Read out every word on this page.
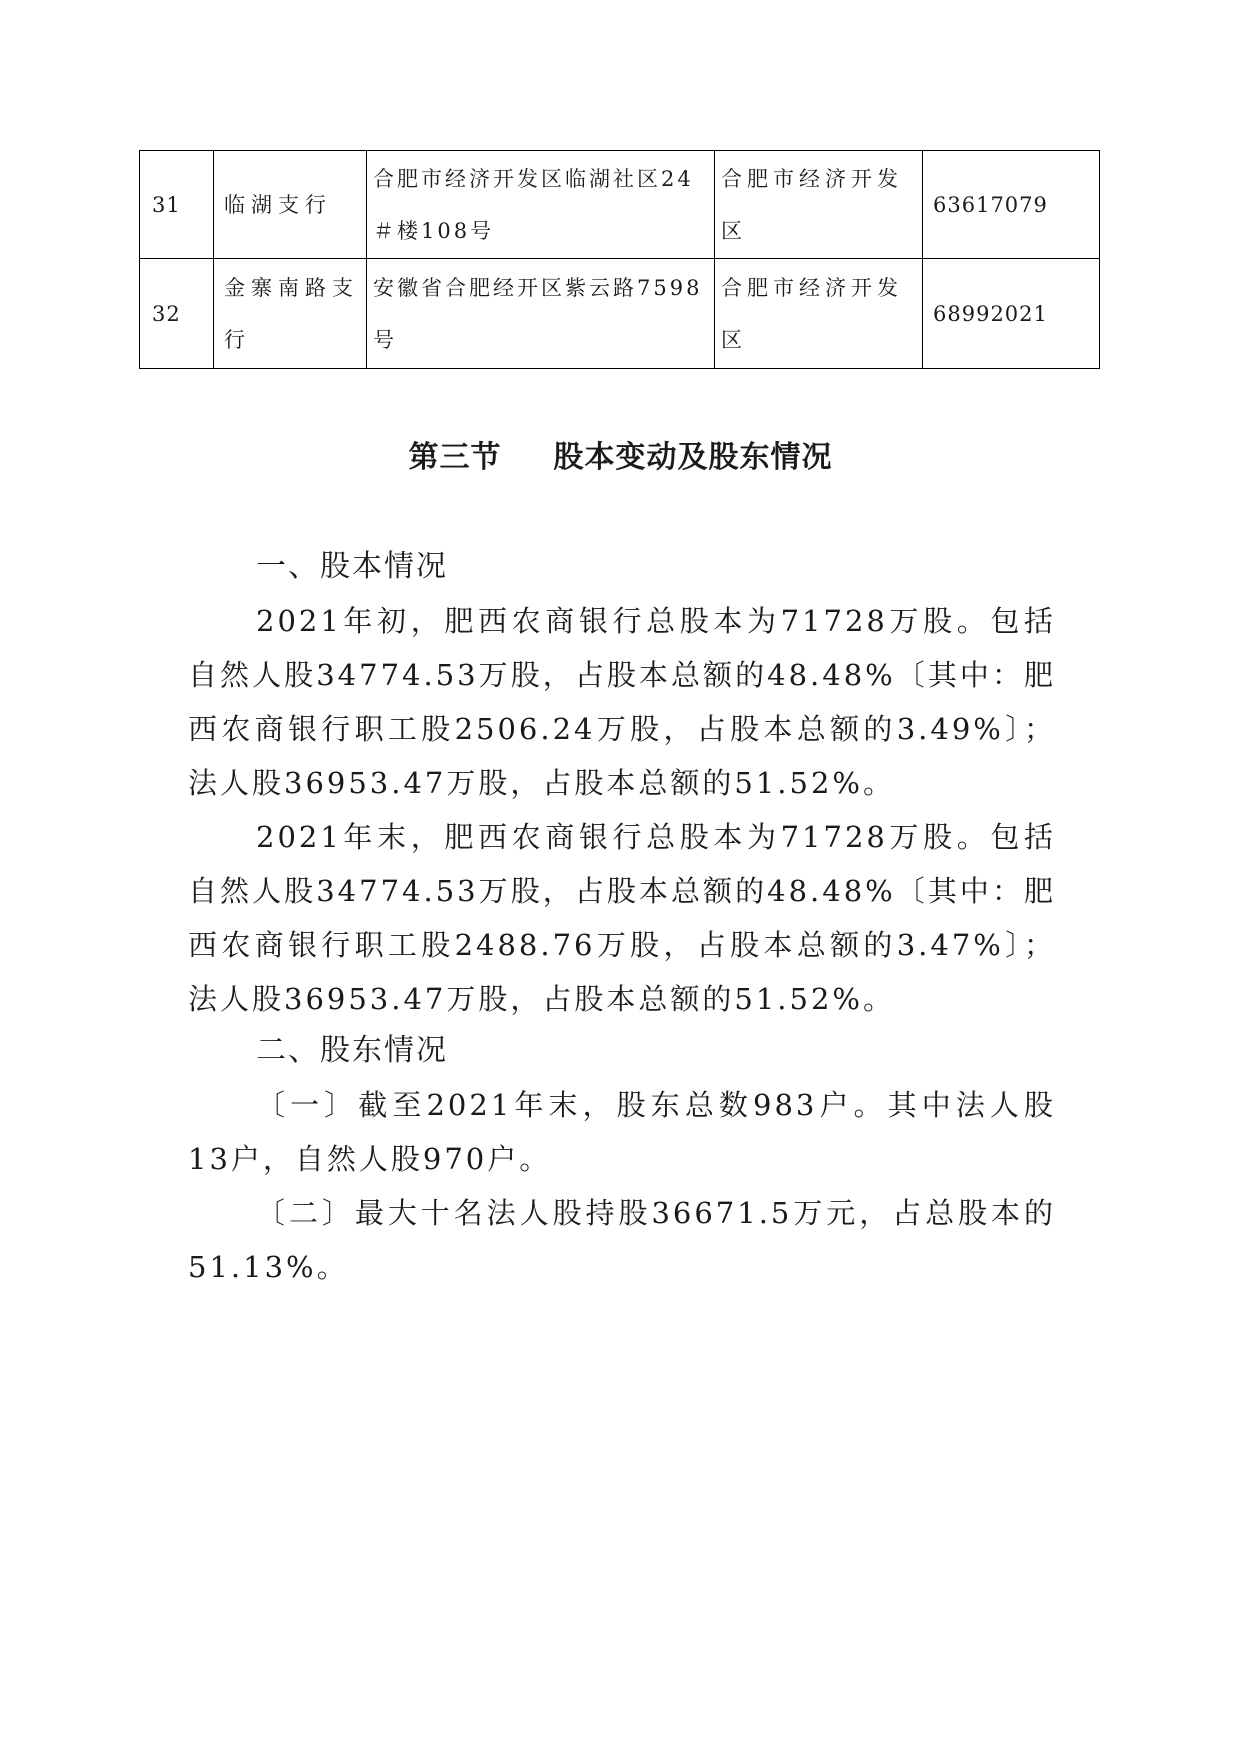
31	临湖支行	合肥市经济开发区临湖社区24＃楼108号	合肥市经济开发区	63617079
32	金寨南路支行	安徽省合肥经开区紫云路7598号	合肥市经济开发区	68992021
第三节 股本变动及股东情况
一、股本情况

2021年初，肥西农商银行总股本为71728万股。包括自然人股34774.53万股，占股本总额的48.48%〔其中：肥西农商银行职工股2506.24万股，占股本总额的3.49%〕；法人股36953.47万股，占股本总额的51.52%。

2021年末，肥西农商银行总股本为71728万股。包括自然人股34774.53万股，占股本总额的48.48%〔其中：肥西农商银行职工股2488.76万股，占股本总额的3.47%〕；法人股36953.47万股，占股本总额的51.52%。

二、股东情况

〔一〕截至2021年末，股东总数983户。其中法人股13户，自然人股970户。

〔二〕最大十名法人股持股36671.5万元，占总股本的51.13%。
